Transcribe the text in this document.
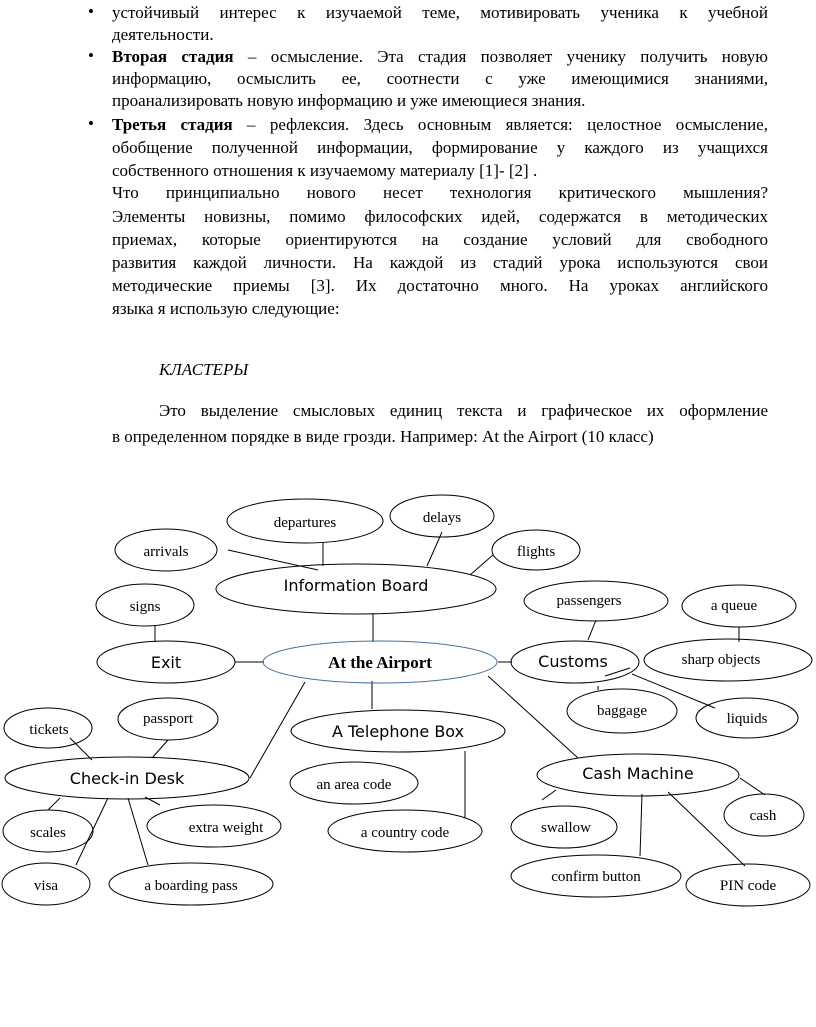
• устойчивый интерес к изучаемой теме, мотивировать ученика к учебной
деятельности.
• Вторая стадия – осмысление. Эта стадия позволяет ученику получить новую
информацию, осмыслить ее, соотнести с уже имеющимися знаниями,
проанализировать новую информацию и уже имеющиеся знания.
• Третья стадия – рефлексия. Здесь основным является: целостное осмысление,
обобщение полученной информации, формирование у каждого из учащихся
собственного отношения к изучаемому материалу [1]- [2] .
Что принципиально нового несет технология критического мышления?
Элементы новизны, помимо философских идей, содержатся в методических
приемах, которые ориентируются на создание условий для свободного
развития каждой личности. На каждой из стадий урока используются свои
методические приемы [3]. Их достаточно много. На уроках английского
языка я использую следующие:
КЛАСТЕРЫ
Это выделение смысловых единиц текста и графическое их оформление
в определенном порядке в виде грозди. Например: At the Airport (10 класс)
departures	delays
arrivals	flights
Information Board
signs	passengers	a queue
Exit	At the Airport	Customs	sharp objects
baggage	liquids
tickets
passport
A Telephone Box
Check-in Desk	an area code
Cash Machine
cash
scales	extra weight	a country code	swallow
confirm button
visa	a boarding pass	PIN code
